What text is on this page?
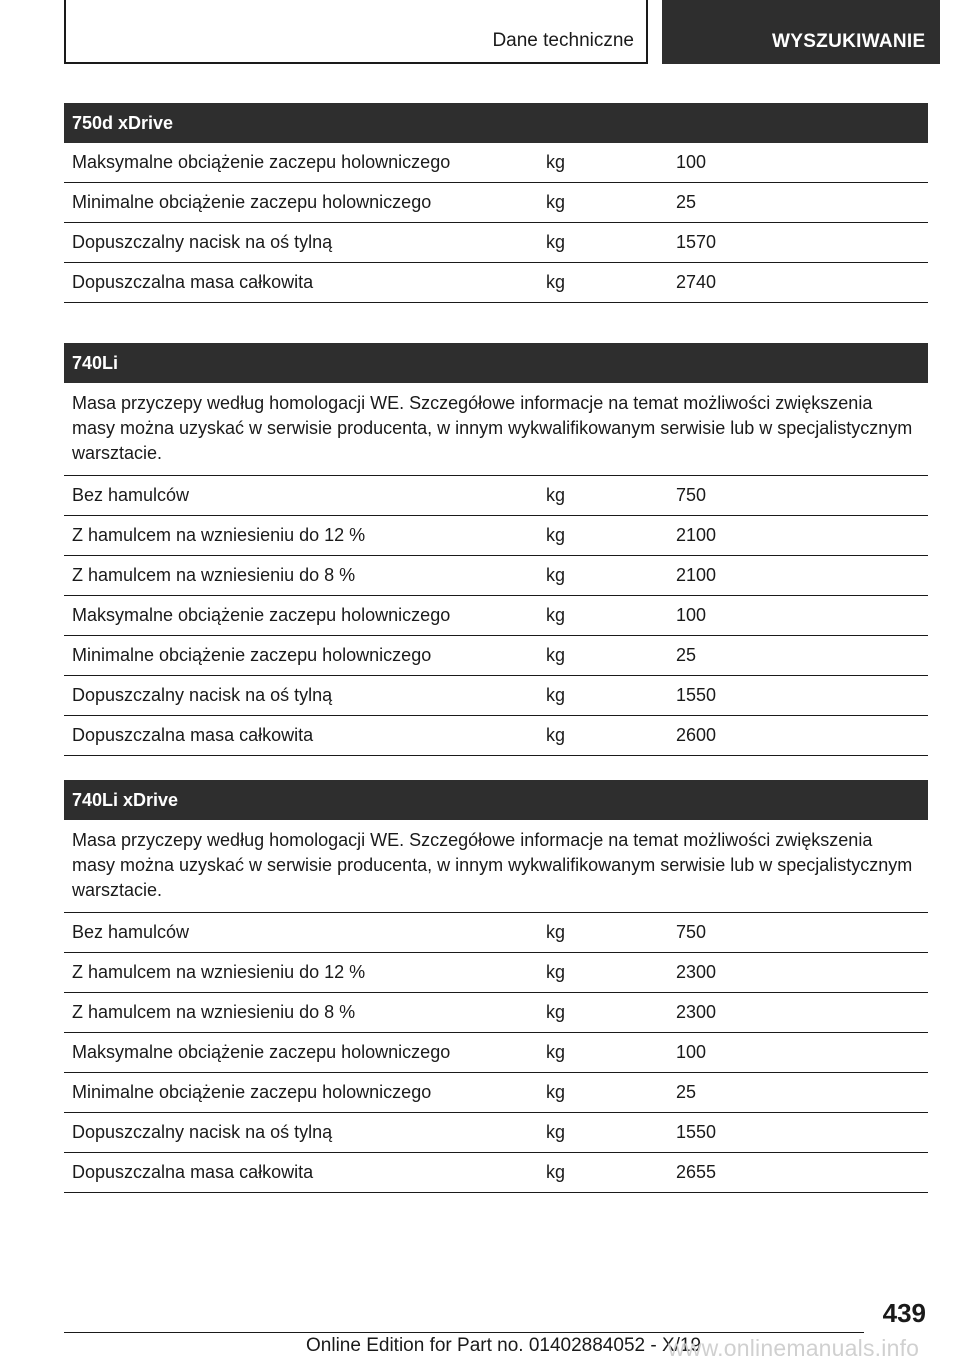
Dane techniczne	WYSZUKIWANIE
750d xDrive
Maksymalne obciążenie zaczepu holowniczego	kg	100
Minimalne obciążenie zaczepu holowniczego	kg	25
Dopuszczalny nacisk na oś tylną	kg	1570
Dopuszczalna masa całkowita	kg	2740
740Li
Masa przyczepy według homologacji WE. Szczegółowe informacje na temat możliwości zwiększenia masy można uzyskać w serwisie producenta, w innym wykwalifikowanym serwisie lub w specjalistycznym warsztacie.
Bez hamulców	kg	750
Z hamulcem na wzniesieniu do 12 %	kg	2100
Z hamulcem na wzniesieniu do 8 %	kg	2100
Maksymalne obciążenie zaczepu holowniczego	kg	100
Minimalne obciążenie zaczepu holowniczego	kg	25
Dopuszczalny nacisk na oś tylną	kg	1550
Dopuszczalna masa całkowita	kg	2600
740Li xDrive
Masa przyczepy według homologacji WE. Szczegółowe informacje na temat możliwości zwiększenia masy można uzyskać w serwisie producenta, w innym wykwalifikowanym serwisie lub w specjalistycznym warsztacie.
Bez hamulców	kg	750
Z hamulcem na wzniesieniu do 12 %	kg	2300
Z hamulcem na wzniesieniu do 8 %	kg	2300
Maksymalne obciążenie zaczepu holowniczego	kg	100
Minimalne obciążenie zaczepu holowniczego	kg	25
Dopuszczalny nacisk na oś tylną	kg	1550
Dopuszczalna masa całkowita	kg	2655
439
Online Edition for Part no. 01402884052 - X/19
www.onlinemanuals.info
